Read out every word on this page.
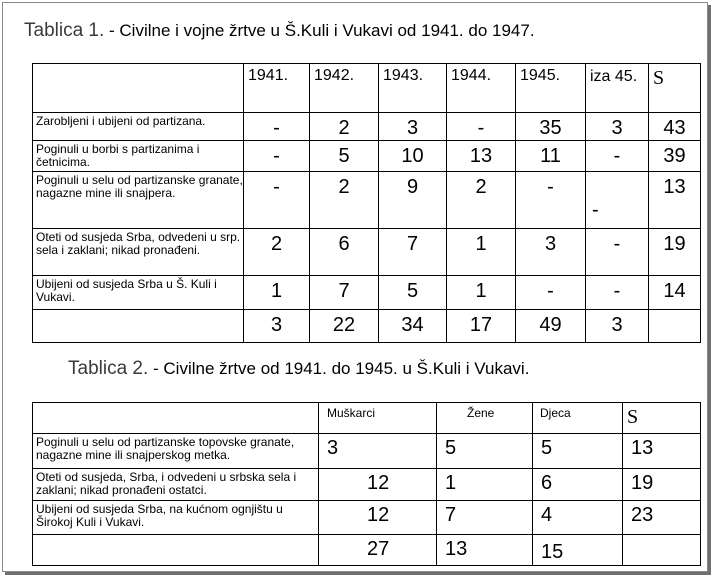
Tablica 1. - Civilne i vojne žrtve u Š.Kuli i Vukavi od 1941. do 1947.
	1941.	1942.	1943.	1944.	1945.	iza 45.	S
Zarobljeni i ubijeni od partizana.	-	2	3	-	35	3	43
Poginuli u borbi s partizanima i četnicima.	-	5	10	13	11	-	39
Poginuli u selu od partizanske granate, nagazne mine ili snajpera.	-	2	9	2	-	-	13
Oteti od susjeda Srba, odvedeni u srp. sela i zaklani; nikad pronađeni.	2	6	7	1	3	-	19
Ubijeni od susjeda Srba u Š. Kuli i Vukavi.	1	7	5	1	-	-	14
	3	22	34	17	49	3	
Tablica 2. - Civilne žrtve od 1941. do 1945. u Š.Kuli i Vukavi.
	Muškarci	Žene	Djeca	S
Poginuli u selu od partizanske topovske granate, nagazne mine ili snajperskog metka.	3	5	5	13
Oteti od susjeda, Srba, i odvedeni u srbska sela i zaklani; nikad pronađeni ostatci.	12	1	6	19
Ubijeni od susjeda Srba, na kućnom ognjištu u Širokoj Kuli i Vukavi.	12	7	4	23
	27	13	15	
